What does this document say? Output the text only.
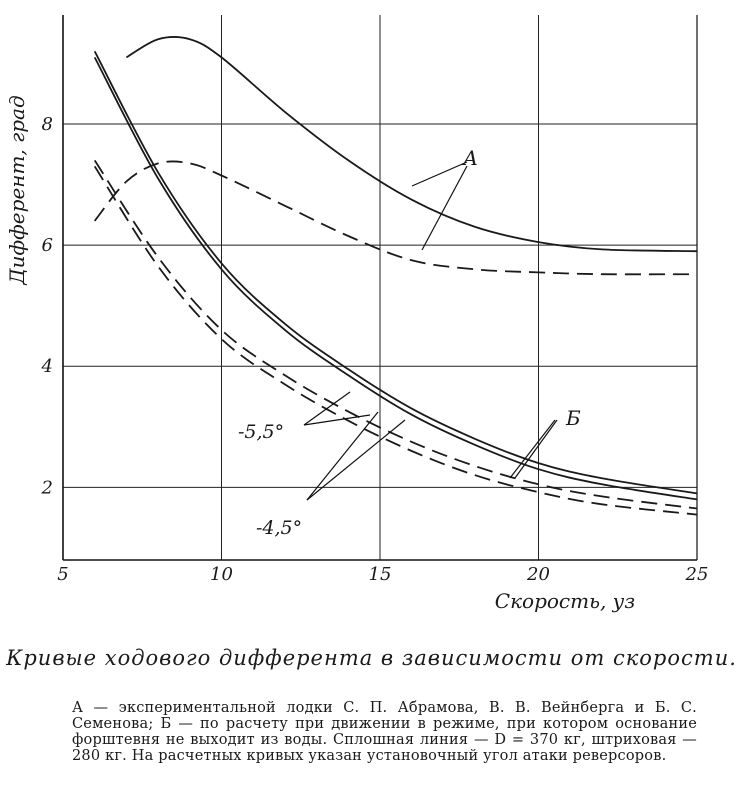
А
Б
-5,5°
-4,5°
5	10	15	20	25
2
4
6
8
Скорость, уз
Дифферент, град
Кривые ходового дифферента в зависимости от скорости.
А — экспериментальной лодки С. П. Абрамова, В. В. Вейнберга и Б. С. Семенова; Б — по расчету при движении в режиме, при котором основание форштевня не выходит из воды. Сплошная линия — D = 370 кг, штриховая — 280 кг. На расчетных кривых указан установочный угол атаки реверсоров.
